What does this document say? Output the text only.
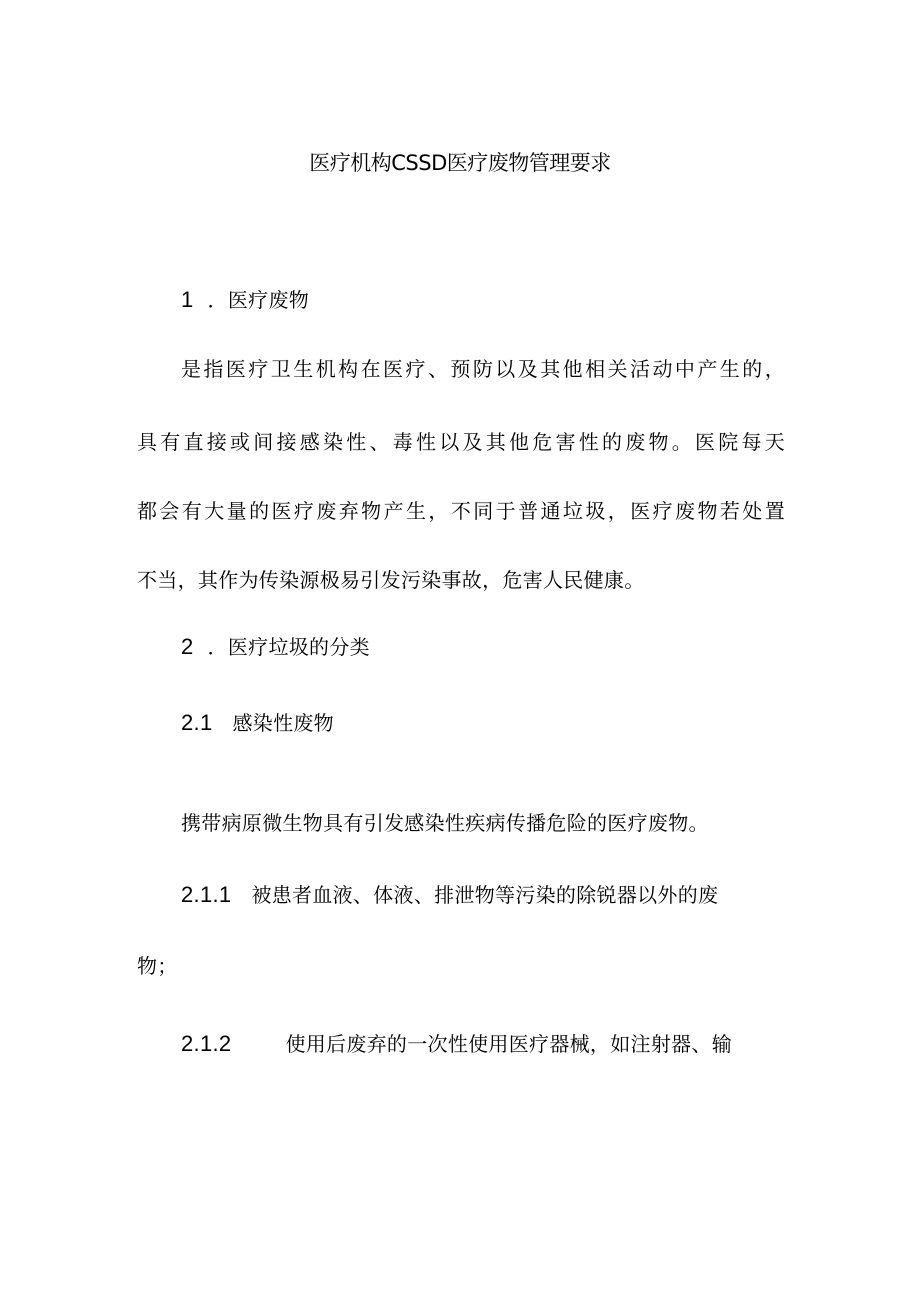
医疗机构CSSD医疗废物管理要求
1 ．医疗废物
是指医疗卫生机构在医疗、预防以及其他相关活动中产生的，
具有直接或间接感染性、毒性以及其他危害性的废物。医院每天
都会有大量的医疗废弃物产生，不同于普通垃圾，医疗废物若处置
不当，其作为传染源极易引发污染事故，危害人民健康。
2 ．医疗垃圾的分类
2.1 感染性废物
携带病原微生物具有引发感染性疾病传播危险的医疗废物。
2.1.1 被患者血液、体液、排泄物等污染的除锐器以外的废
物；
2.1.2	使用后废弃的一次性使用医疗器械，如注射器、输
